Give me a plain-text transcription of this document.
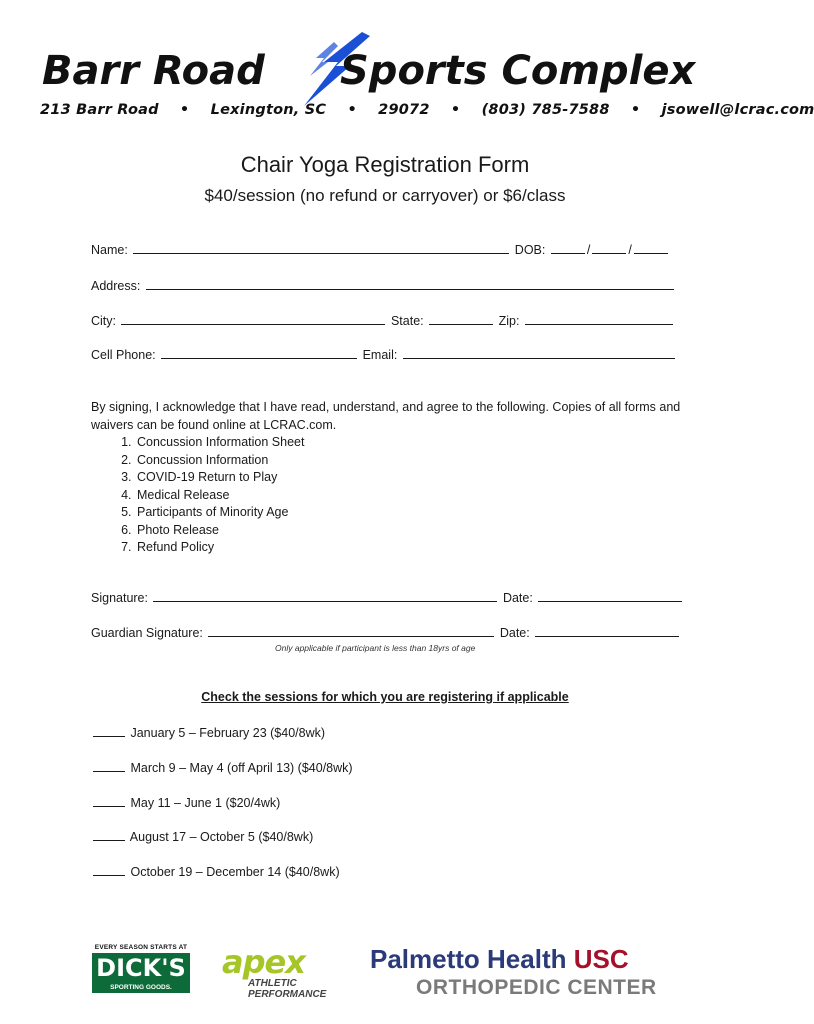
Barr Road Sports Complex
213 Barr Road • Lexington, SC • 29072 • (803) 785-7588 • jsowell@lcrac.com
Chair Yoga Registration Form
$40/session (no refund or carryover) or $6/class
Name:	DOB:	/	/
Address:
City:	State:	Zip:
Cell Phone:	Email:
By signing, I acknowledge that I have read, understand, and agree to the following. Copies of all forms and waivers can be found online at LCRAC.com.
1. Concussion Information Sheet
2. Concussion Information
3. COVID-19 Return to Play
4. Medical Release
5. Participants of Minority Age
6. Photo Release
7. Refund Policy
Signature:	Date:
Guardian Signature:	Date:
Only applicable if participant is less than 18yrs of age
Check the sessions for which you are registering if applicable
January 5 – February 23 ($40/8wk)
March 9 – May 4 (off April 13) ($40/8wk)
May 11 – June 1 ($20/4wk)
August 17 – October 5 ($40/8wk)
October 19 – December 14 ($40/8wk)
EVERY SEASON STARTS AT
DICK'S
SPORTING GOODS.
apex
ATHLETIC
PERFORMANCE
Palmetto Health USC
ORTHOPEDIC CENTER
